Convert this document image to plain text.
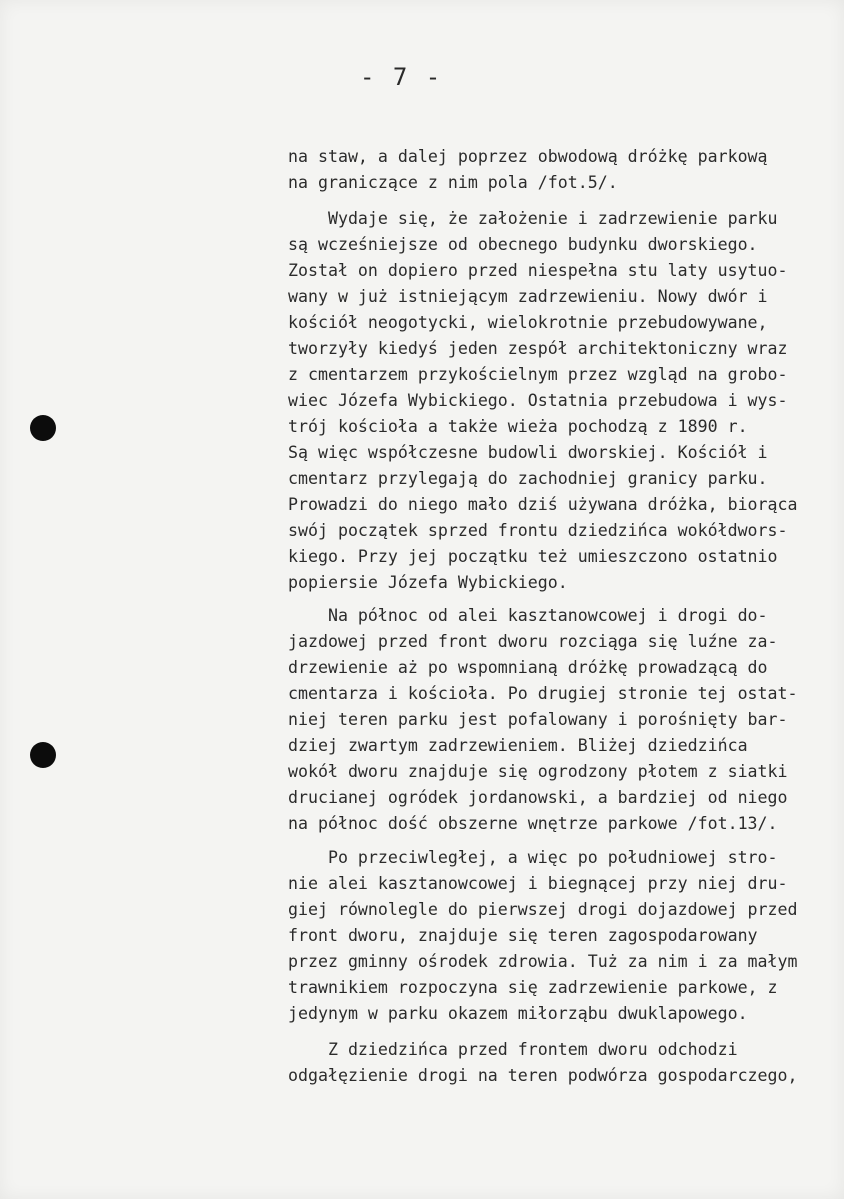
- 7 -
na staw, a dalej poprzez obwodową dróżkę parkową
na graniczące z nim pola /fot.5/.
Wydaje się, że założenie i zadrzewienie parku
są wcześniejsze od obecnego budynku dworskiego.
Został on dopiero przed niespełna stu laty usytuo-
wany w już istniejącym zadrzewieniu. Nowy dwór i
kościół neogotycki, wielokrotnie przebudowywane,
tworzyły kiedyś jeden zespół architektoniczny wraz
z cmentarzem przykościelnym przez wzgląd na grobo-
wiec Józefa Wybickiego. Ostatnia przebudowa i wys-
trój kościoła a także wieża pochodzą z 1890 r.
Są więc współczesne budowli dworskiej. Kościół i
cmentarz przylegają do zachodniej granicy parku.
Prowadzi do niego mało dziś używana dróżka, biorąca
swój początek sprzed frontu dziedzińca wokółdwors-
kiego. Przy jej początku też umieszczono ostatnio
popiersie Józefa Wybickiego.
Na północ od alei kasztanowcowej i drogi do-
jazdowej przed front dworu rozciąga się luźne za-
drzewienie aż po wspomnianą dróżkę prowadzącą do
cmentarza i kościoła. Po drugiej stronie tej ostat-
niej teren parku jest pofalowany i porośnięty bar-
dziej zwartym zadrzewieniem. Bliżej dziedzińca
wokół dworu znajduje się ogrodzony płotem z siatki
drucianej ogródek jordanowski, a bardziej od niego
na północ dość obszerne wnętrze parkowe /fot.13/.
Po przeciwległej, a więc po południowej stro-
nie alei kasztanowcowej i biegnącej przy niej dru-
giej równolegle do pierwszej drogi dojazdowej przed
front dworu, znajduje się teren zagospodarowany
przez gminny ośrodek zdrowia. Tuż za nim i za małym
trawnikiem rozpoczyna się zadrzewienie parkowe, z
jedynym w parku okazem miłorząbu dwuklapowego.
Z dziedzińca przed frontem dworu odchodzi
odgałęzienie drogi na teren podwórza gospodarczego,
